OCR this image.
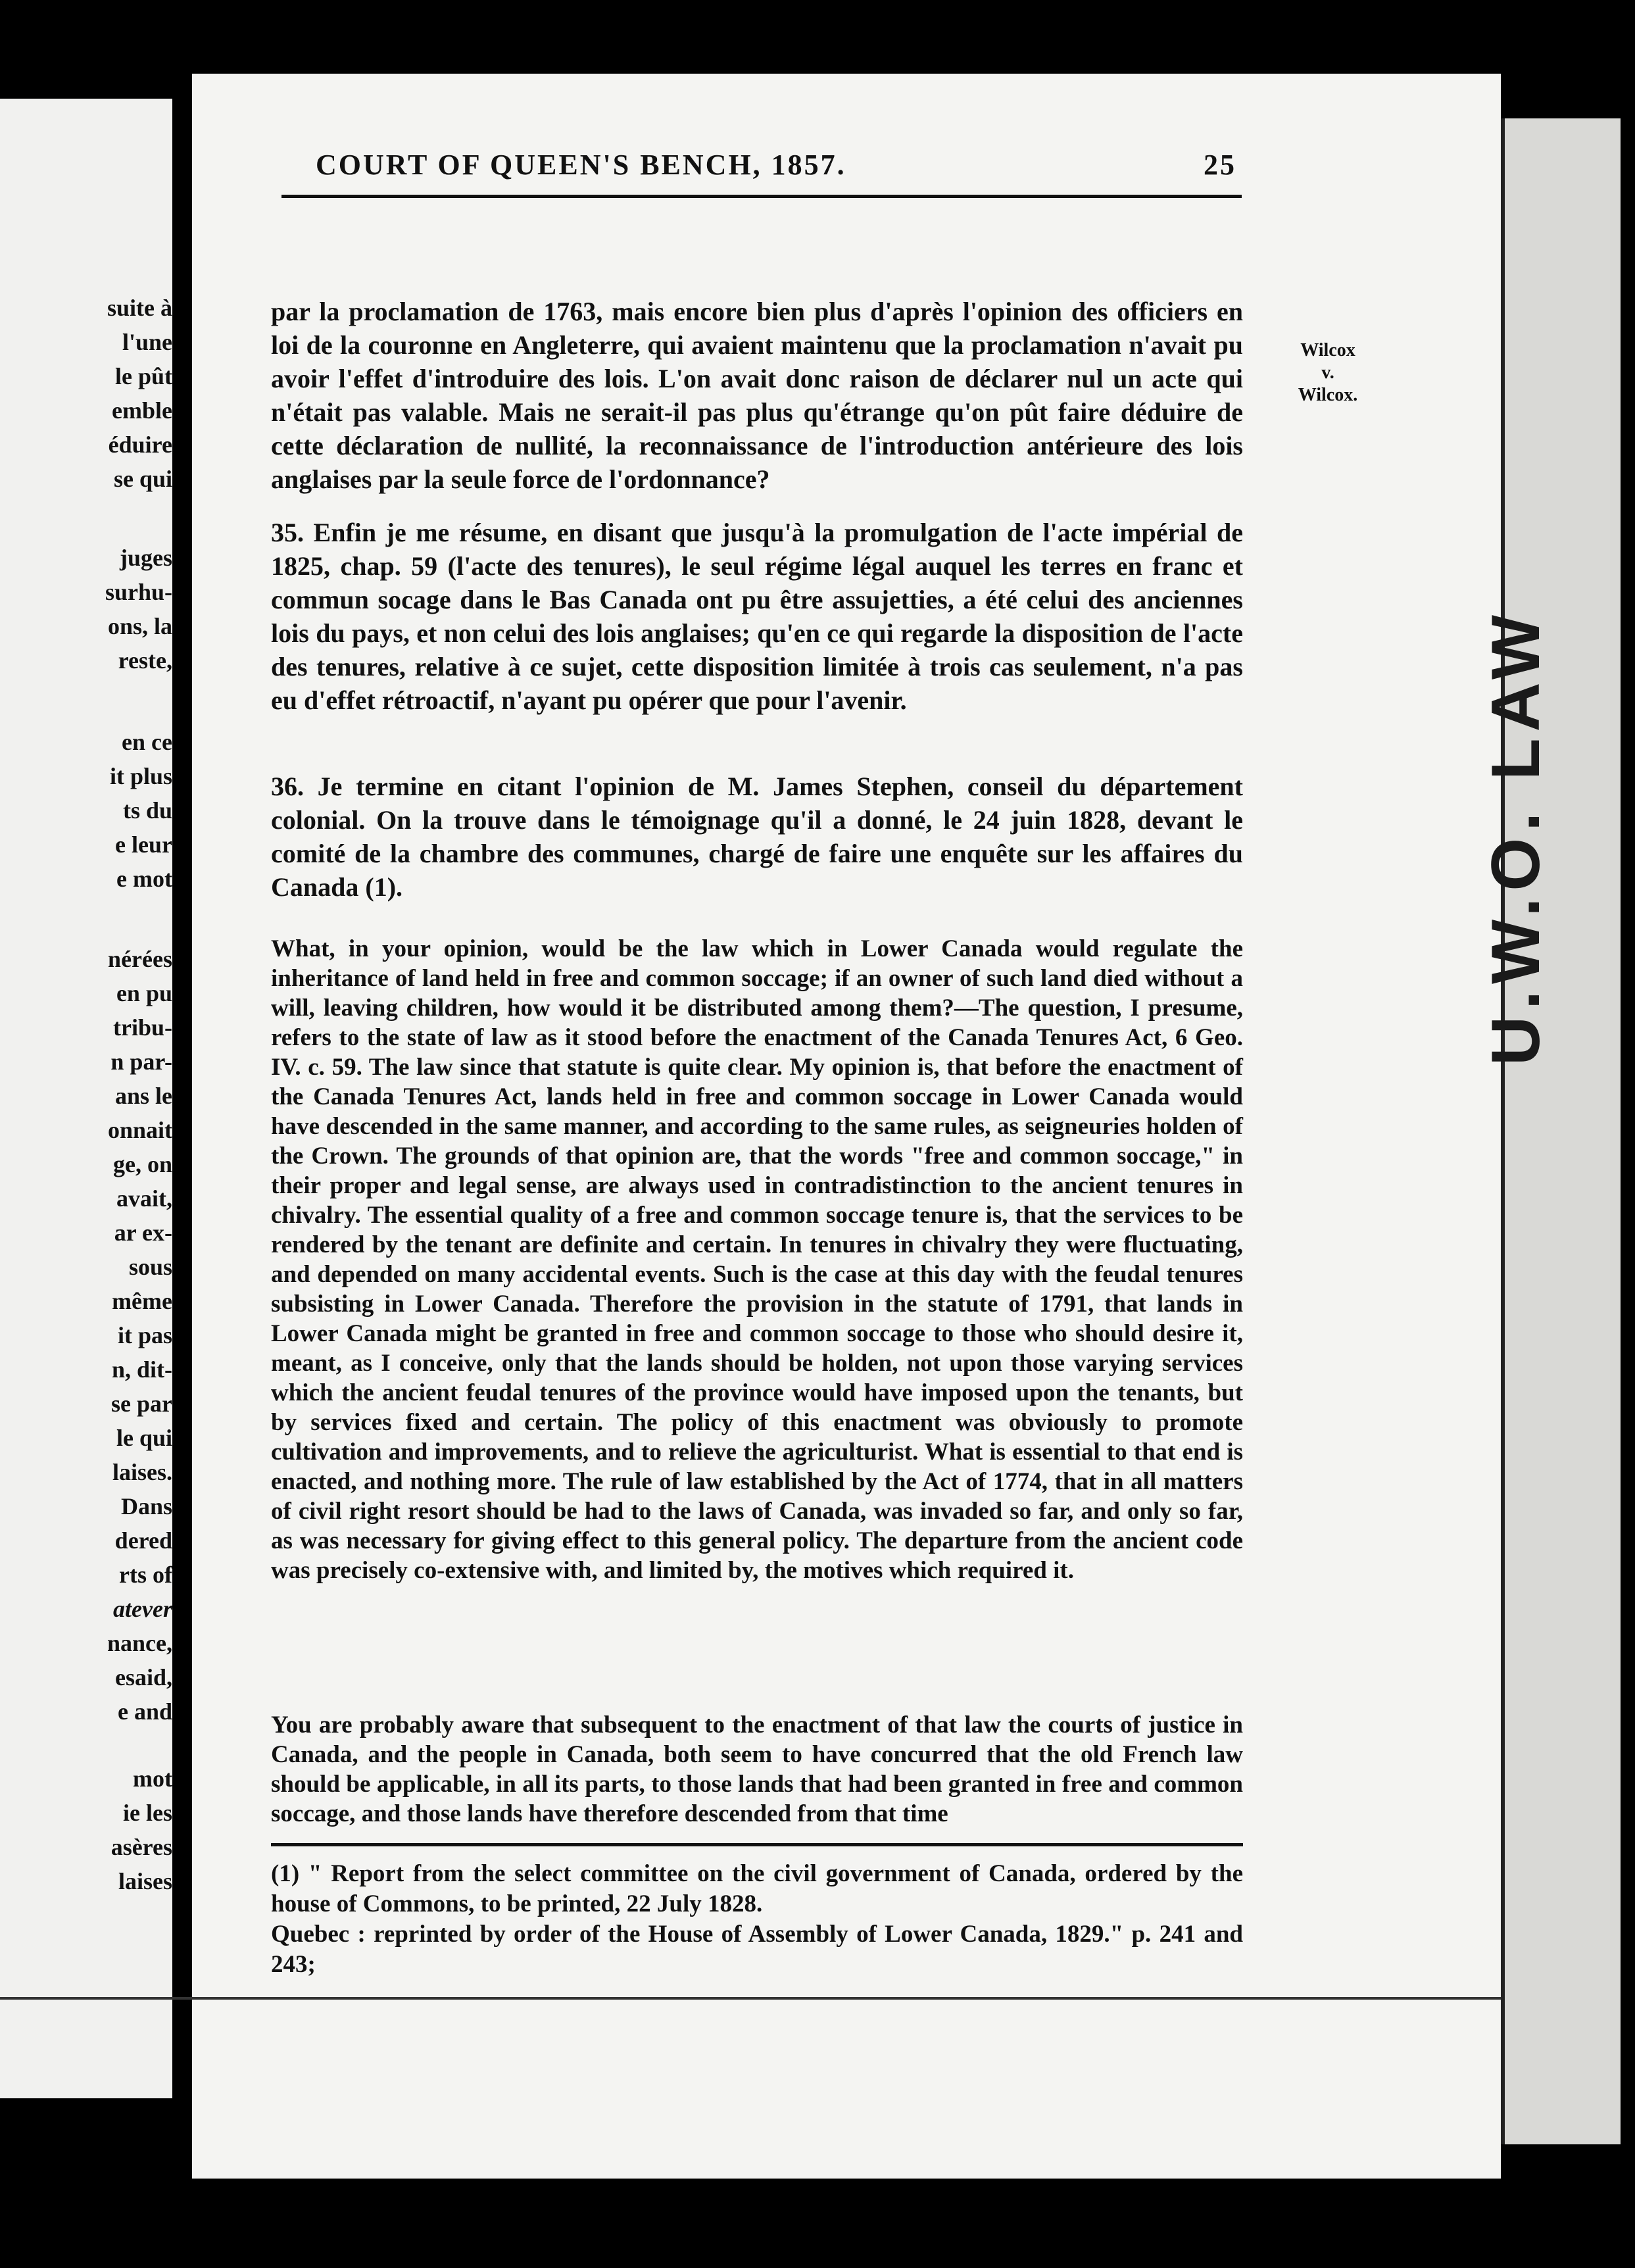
suite à
l'une
le pût
emble
éduire
se qui
juges
surhu-
ons, la
reste,
en ce
it plus
ts du
e leur
e mot
nérées
en pu
tribu-
n par-
ans le
onnait
ge, on
avait,
ar ex-
sous
même
it pas
n, dit-
se par
le qui
laises.
Dans
dered
rts of
atever
nance,
esaid,
e and
mot
ie les
asères
laises
COURT OF QUEEN'S BENCH, 1857.	25
Wilcox
v.
Wilcox.

par la proclamation de 1763, mais encore bien plus d'après l'opinion des officiers en loi de la couronne en Angleterre, qui avaient maintenu que la proclamation n'avait pu avoir l'effet d'introduire des lois. L'on avait donc raison de déclarer nul un acte qui n'était pas valable. Mais ne serait-il pas plus qu'étrange qu'on pût faire déduire de cette déclaration de nullité, la reconnaissance de l'introduction antérieure des lois anglaises par la seule force de l'ordonnance?

35. Enfin je me résume, en disant que jusqu'à la promulgation de l'acte impérial de 1825, chap. 59 (l'acte des tenures), le seul régime légal auquel les terres en franc et commun socage dans le Bas Canada ont pu être assujetties, a été celui des anciennes lois du pays, et non celui des lois anglaises; qu'en ce qui regarde la disposition de l'acte des tenures, relative à ce sujet, cette disposition limitée à trois cas seulement, n'a pas eu d'effet rétroactif, n'ayant pu opérer que pour l'avenir.

36. Je termine en citant l'opinion de M. James Stephen, conseil du département colonial. On la trouve dans le témoignage qu'il a donné, le 24 juin 1828, devant le comité de la chambre des communes, chargé de faire une enquête sur les affaires du Canada (1).

What, in your opinion, would be the law which in Lower Canada would regulate the inheritance of land held in free and common soccage; if an owner of such land died without a will, leaving children, how would it be distributed among them?—The question, I presume, refers to the state of law as it stood before the enactment of the Canada Tenures Act, 6 Geo. IV. c. 59. The law since that statute is quite clear. My opinion is, that before the enactment of the Canada Tenures Act, lands held in free and common soccage in Lower Canada would have descended in the same manner, and according to the same rules, as seigneuries holden of the Crown. The grounds of that opinion are, that the words "free and common soccage," in their proper and legal sense, are always used in contradistinction to the ancient tenures in chivalry. The essential quality of a free and common soccage tenure is, that the services to be rendered by the tenant are definite and certain. In tenures in chivalry they were fluctuating, and depended on many accidental events. Such is the case at this day with the feudal tenures subsisting in Lower Canada. Therefore the provision in the statute of 1791, that lands in Lower Canada might be granted in free and common soccage to those who should desire it, meant, as I conceive, only that the lands should be holden, not upon those varying services which the ancient feudal tenures of the province would have imposed upon the tenants, but by services fixed and certain. The policy of this enactment was obviously to promote cultivation and improvements, and to relieve the agriculturist. What is essential to that end is enacted, and nothing more. The rule of law established by the Act of 1774, that in all matters of civil right resort should be had to the laws of Canada, was invaded so far, and only so far, as was necessary for giving effect to this general policy. The departure from the ancient code was precisely co-extensive with, and limited by, the motives which required it.

You are probably aware that subsequent to the enactment of that law the courts of justice in Canada, and the people in Canada, both seem to have concurred that the old French law should be applicable, in all its parts, to those lands that had been granted in free and common soccage, and those lands have therefore descended from that time

(1) " Report from the select committee on the civil government of Canada, ordered by the house of Commons, to be printed, 22 July 1828.

Quebec : reprinted by order of the House of Assembly of Lower Canada, 1829." p. 241 and 243;

U.W.O. LAW
